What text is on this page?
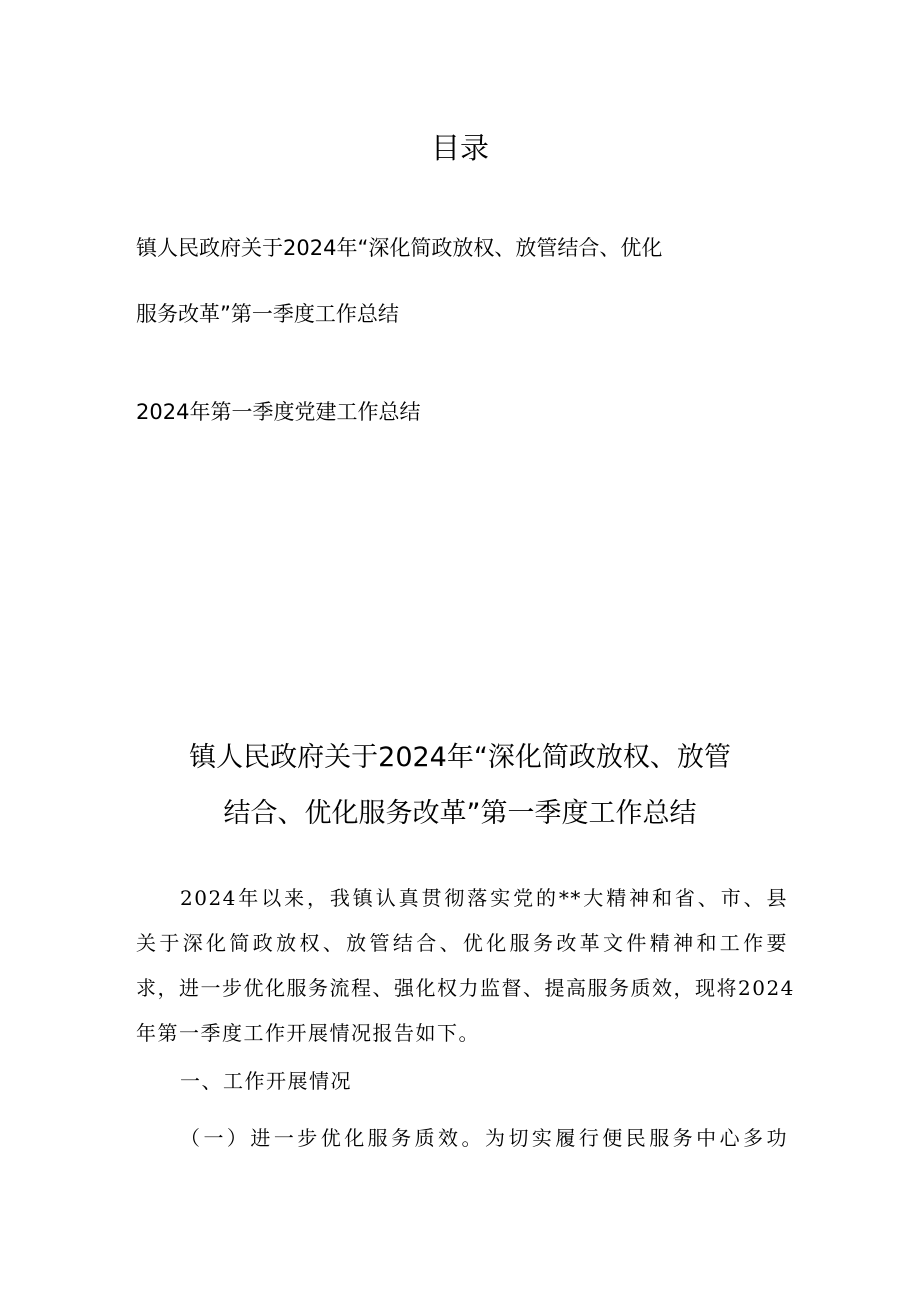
目录
镇人民政府关于2024年“深化简政放权、放管结合、优化
服务改革”第一季度工作总结
2024年第一季度党建工作总结
镇人民政府关于2024年“深化简政放权、放管
结合、优化服务改革”第一季度工作总结
2024年以来，我镇认真贯彻落实党的**大精神和省、市、县
关于深化简政放权、放管结合、优化服务改革文件精神和工作要
求，进一步优化服务流程、强化权力监督、提高服务质效，现将2024
年第一季度工作开展情况报告如下。
一、工作开展情况
（一）进一步优化服务质效。为切实履行便民服务中心多功
